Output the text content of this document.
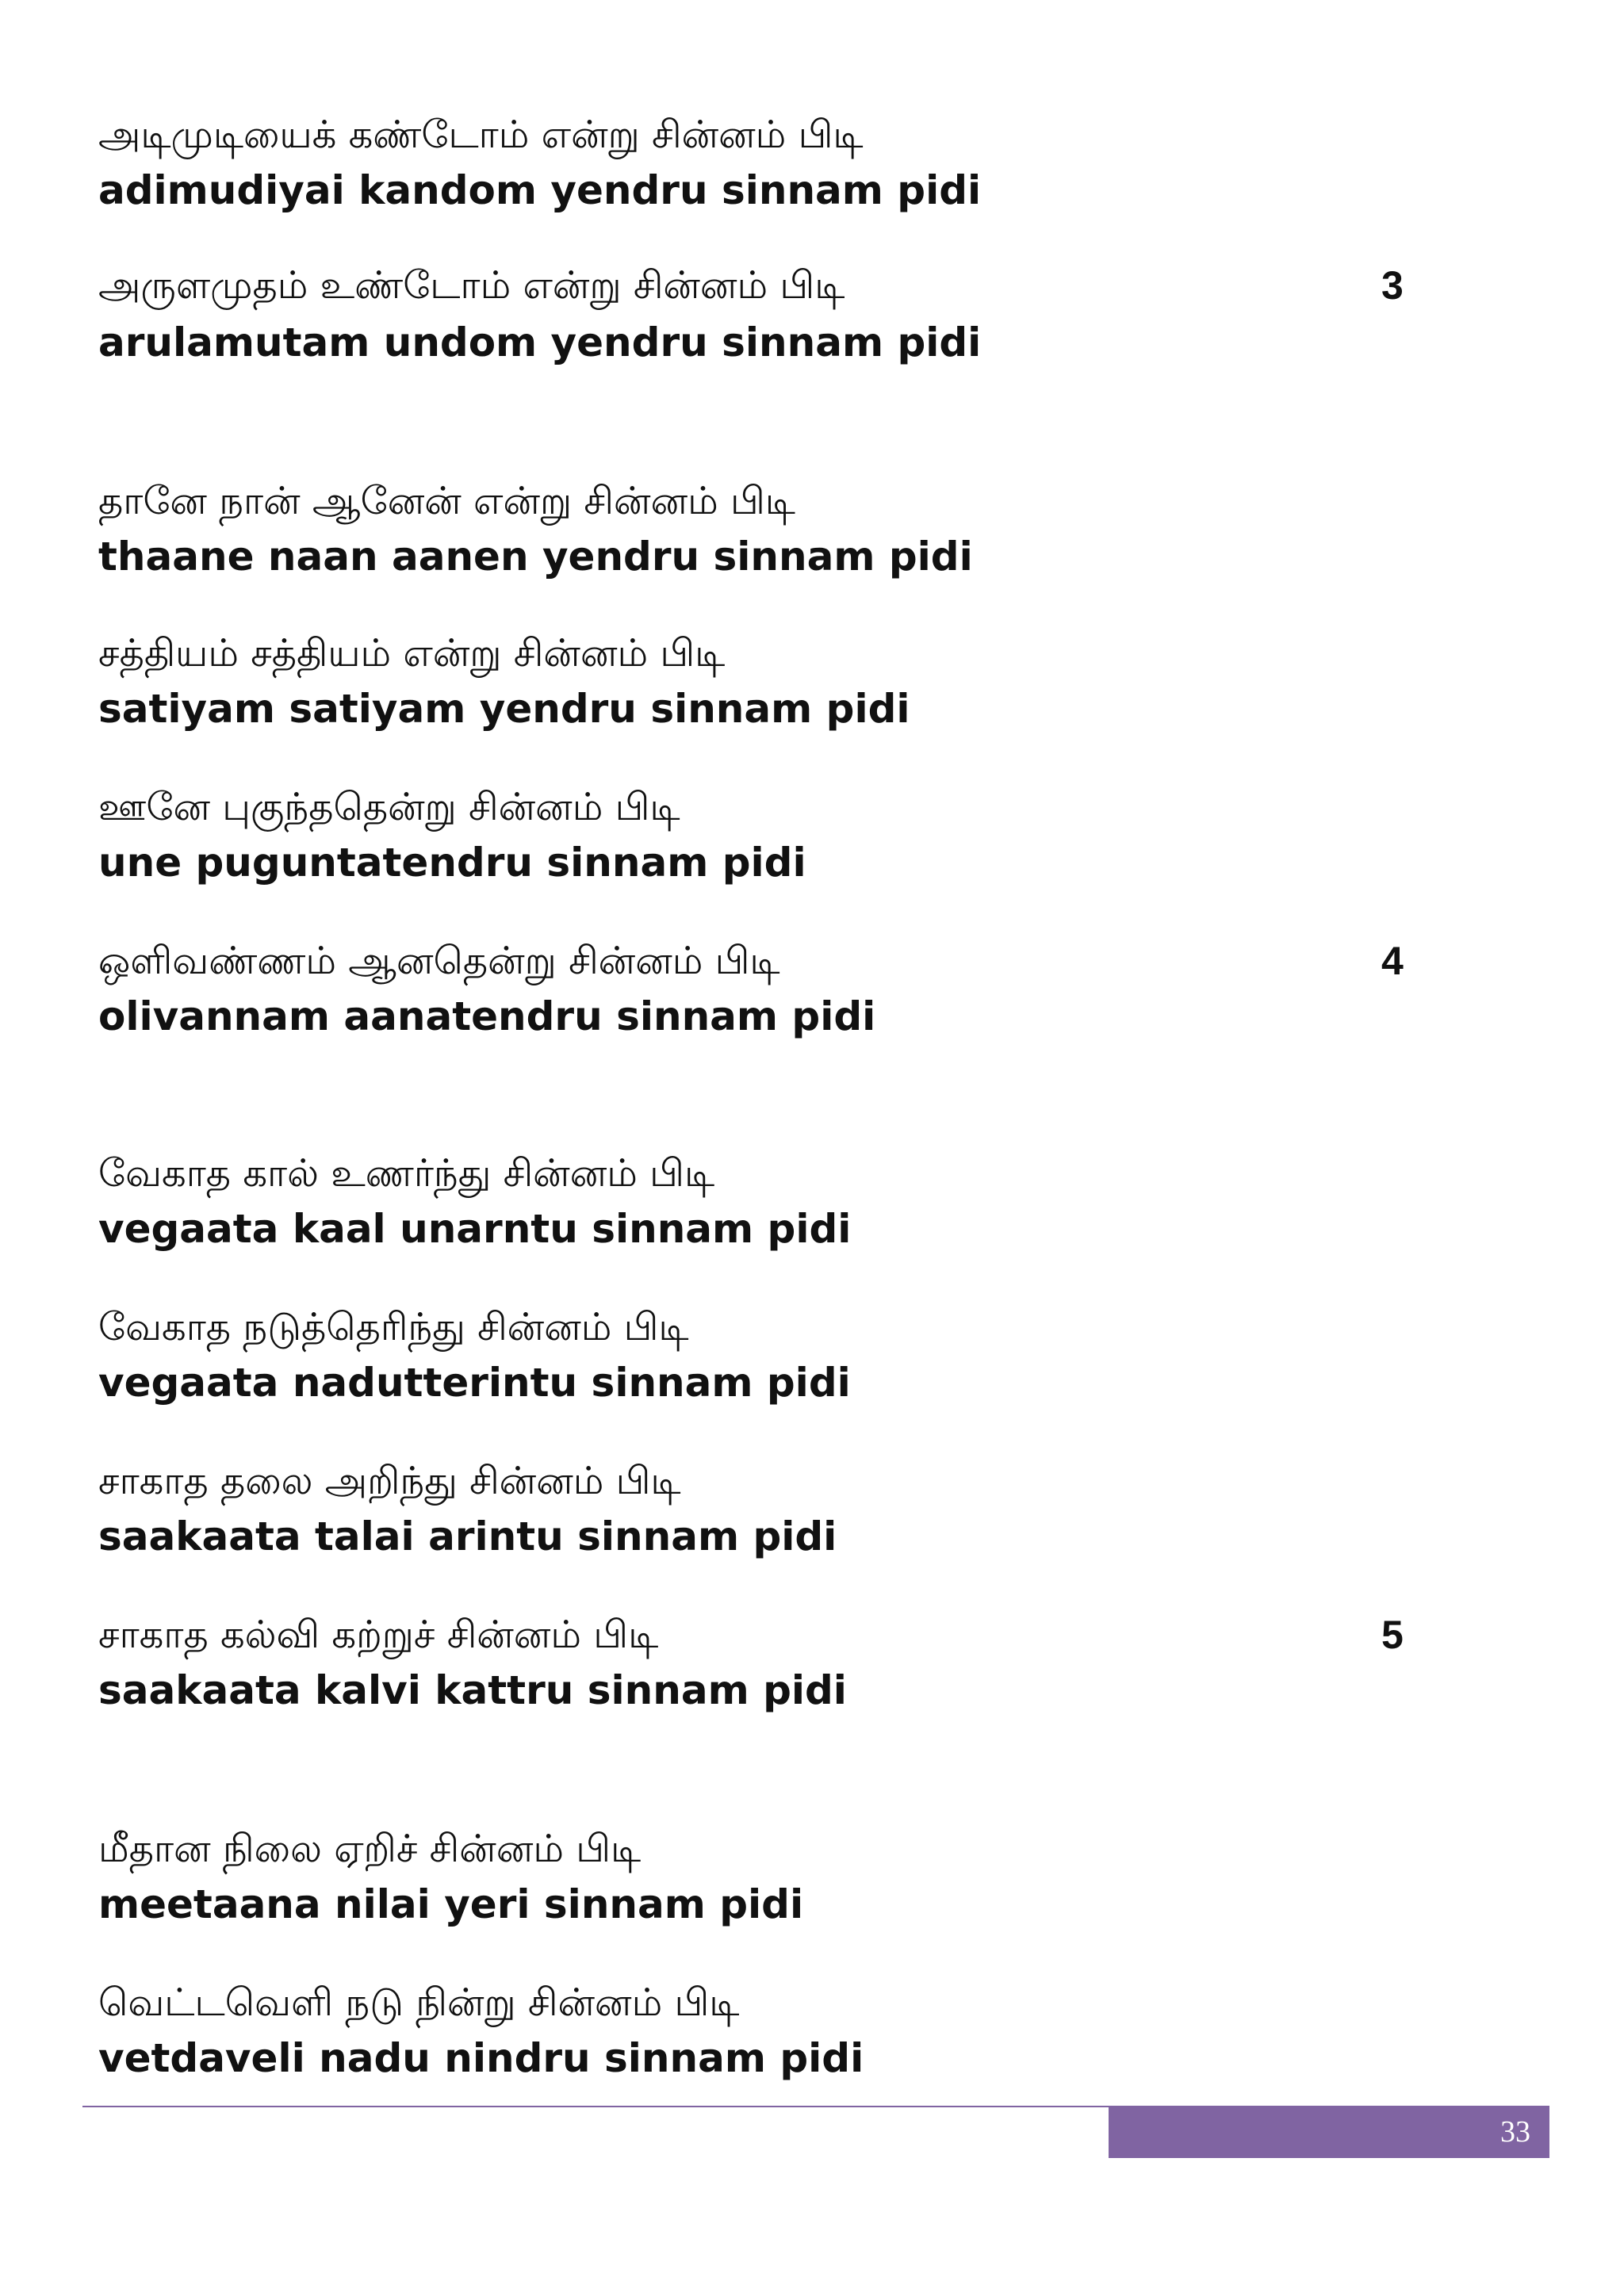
அடிமுடியைக் கண்டோம் என்று சின்னம் பிடி
adimudiyai kandom yendru sinnam pidi
அருளமுதம் உண்டோம் என்று சின்னம் பிடி	3
arulamutam undom yendru sinnam pidi
தானே நான் ஆனேன் என்று சின்னம் பிடி
thaane naan aanen yendru sinnam pidi
சத்தியம் சத்தியம் என்று சின்னம் பிடி
satiyam satiyam yendru sinnam pidi
ஊனே புகுந்ததென்று சின்னம் பிடி
une puguntatendru sinnam pidi
ஒளிவண்ணம் ஆனதென்று சின்னம் பிடி	4
olivannam aanatendru sinnam pidi
வேகாத கால் உணர்ந்து சின்னம் பிடி
vegaata kaal unarntu sinnam pidi
வேகாத நடுத்தெரிந்து சின்னம் பிடி
vegaata nadutterintu sinnam pidi
சாகாத தலை அறிந்து சின்னம் பிடி
saakaata talai arintu sinnam pidi
சாகாத கல்வி கற்றுச் சின்னம் பிடி	5
saakaata kalvi kattru sinnam pidi
மீதான நிலை ஏறிச் சின்னம் பிடி
meetaana nilai yeri sinnam pidi
வெட்டவெளி நடு நின்று சின்னம் பிடி
vetdaveli nadu nindru sinnam pidi
33
